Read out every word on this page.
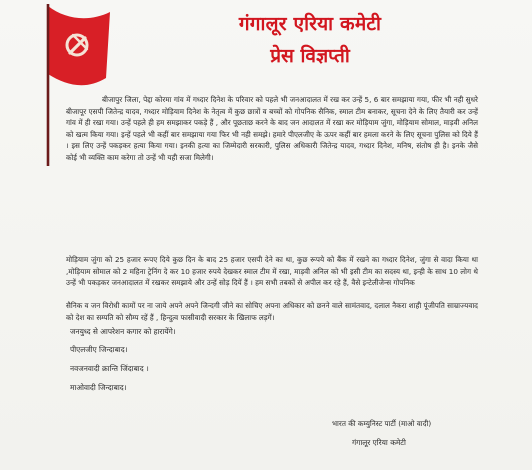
गंगालूर एरिया कमेटी
प्रेस विज्ञप्ती
बीजापुर जिला, पेद्दा कोरमा गांव में गध्दार दिनेश के परिवार को पहले भी जनआदालत में रख कर उन्हें 5, 6 बार समझाया गया, फीर भी नही सुधरे बीजापूर एसपी जितेन्द्र यादव, गध्दार मोड़ियाम दिनेश के नेतृत्व में कुछ छात्रों व बच्चों को गोपनिक सैनिक, स्माल टीम बनाकर, सूचना देने के लिए तैयारी कर उन्हें गांव में ही रखा गया। उन्हें पहले ही हम समझाकर पकड़े हैं , और पूछताछ करने के बाद जन आदालत में रखा कर मोड़ियाम जुंगा, मोड़ियाम सोमाल, माड़वी अनिल को खत्म किया गया। इन्हें पहले भी कहीं बार समझाया गया फिर भी नही समझे। हमारे पीएलजीए के ऊपर कहीं बार हमला करने के लिए सूचना पुलिस को दिये हैं । इस लिए उन्हें पकड़कर हत्या किया गया। इनकी हत्या का जिम्मेदारी सरकारी, पुलिस अधिकारी जितेन्द्र यादव, गध्दार दिनेश, मनिष, संतोष ही है। इनके जैसे कोई भी व्यक्ति काम करेगा तो उन्हें भी यही सजा मिलेगी।
मोड़ियाम जुंगा को 25 हजार रूपए दिये कुछ दिन के बाद 25 हजार एसपी देने का था, कुछ रूपये को बैंक में रखने का गध्दार दिनेश, जुंगा से वादा किया था ,मोड़ियाम सोमाल को 2 महिना ट्रेनिंग दे कर 10 हजार रुपये देखकर स्माल टीम में रखा, माड़वी अनिल को भी इसी टीम का सदस्य था, इन्ही के साथ 10 लोग थे उन्हें भी पकड़कर जनआदालत में रखकर समझाये और उन्हें सोड़ दियें हैं । हम सभी तबकों से अपील कर रहे हैं, वैसे इन्टेलीजेन्स गोपनिक
सैनिक व जन विरोधी कामों पर ना जाये अपने अपने जिन्दगी जीने का सोचिए अपना अधिकार को छनने वाले सामंतवाद, दलाल नैकरा शाही पूंजीपति साम्राज्यवाद को देश का सम्पति को सौम्प रहें हैं , हिन्दुत्व फासीवादी सरकार के खिलाफ लड़गें।
जनयुध्द से आपरेशन कगार को हारायेंगे।
पीएलजीए जिन्दाबाद।
नवजनवादी क्रान्ति जिंदाबाद ।
माओवादी जिन्दाबाद।
भारत की कम्युनिस्ट पार्टी (माओ वादी)
गंगालूर एरिया कमेटी
